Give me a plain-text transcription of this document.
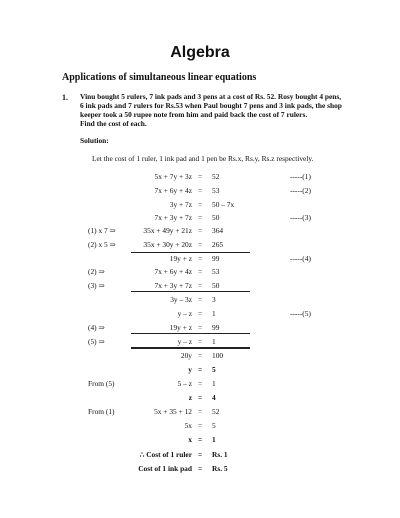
Algebra
Applications of simultaneous linear equations
1. Vinu bought 5 rulers, 7 ink pads and 3 pens at a cost of Rs. 52. Rosy bought 4 pens,
6 ink pads and 7 rulers for Rs.53 when Paul bought 7 pens and 3 ink pads, the shop
keeper took a 50 rupee note from him and paid back the cost of 7 rulers.
Find the cost of each.

Solution:
Let the cost of 1 ruler, 1 ink pad and 1 pen be Rs.x, Rs.y, Rs.z respectively.
5x + 7y + 3z = 52	-----(1)
7x + 6y + 4z = 53	-----(2)
3y + 7z = 50 – 7x
7x + 3y + 7z = 50	-----(3)
(1) x 7 ⇒	35x + 49y + 21z = 364
(2) x 5 ⇒	35x + 30y + 20z = 265
19y + z = 99	-----(4)
(2) ⇒	7x + 6y + 4z = 53
(3) ⇒	7x + 3y + 7z = 50
3y – 3z = 3
y – z = 1	-----(5)
(4) ⇒	19y + z = 99
(5) ⇒	y – z = 1
20y = 100
y = 5
From (5)	5 – z = 1
z = 4
From (1)	5x + 35 + 12 = 52
5x = 5
x = 1
∴ Cost of 1 ruler = Rs. 1
Cost of 1 ink pad = Rs. 5
